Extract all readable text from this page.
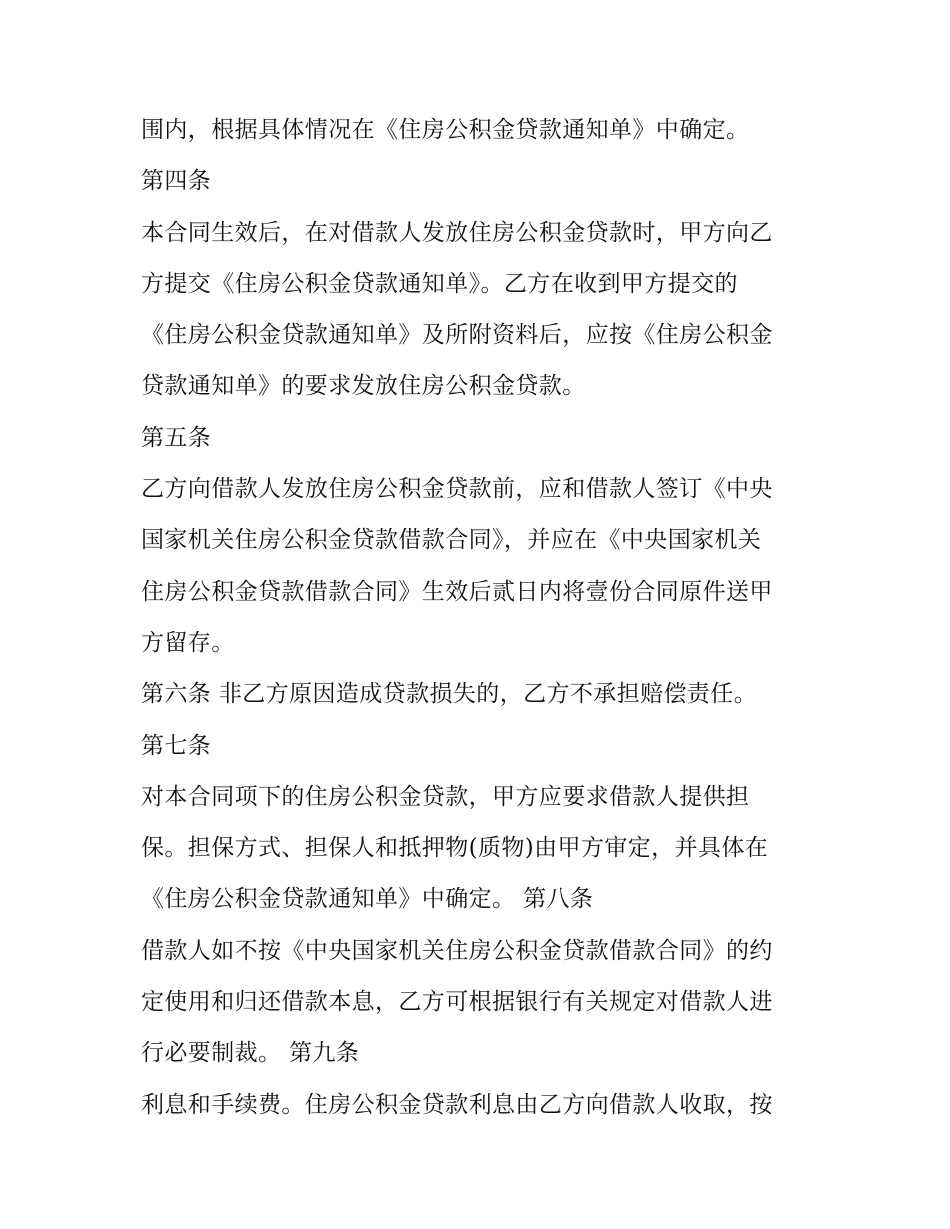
围内，根据具体情况在《住房公积金贷款通知单》中确定。
第四条
本合同生效后，在对借款人发放住房公积金贷款时，甲方向乙
方提交《住房公积金贷款通知单》。乙方在收到甲方提交的
《住房公积金贷款通知单》及所附资料后，应按《住房公积金
贷款通知单》的要求发放住房公积金贷款。
第五条
乙方向借款人发放住房公积金贷款前，应和借款人签订《中央
国家机关住房公积金贷款借款合同》，并应在《中央国家机关
住房公积金贷款借款合同》生效后贰日内将壹份合同原件送甲
方留存。
第六条 非乙方原因造成贷款损失的，乙方不承担赔偿责任。
第七条
对本合同项下的住房公积金贷款，甲方应要求借款人提供担
保。担保方式、担保人和抵押物(质物)由甲方审定，并具体在
《住房公积金贷款通知单》中确定。 第八条
借款人如不按《中央国家机关住房公积金贷款借款合同》的约
定使用和归还借款本息，乙方可根据银行有关规定对借款人进
行必要制裁。 第九条
利息和手续费。住房公积金贷款利息由乙方向借款人收取，按
